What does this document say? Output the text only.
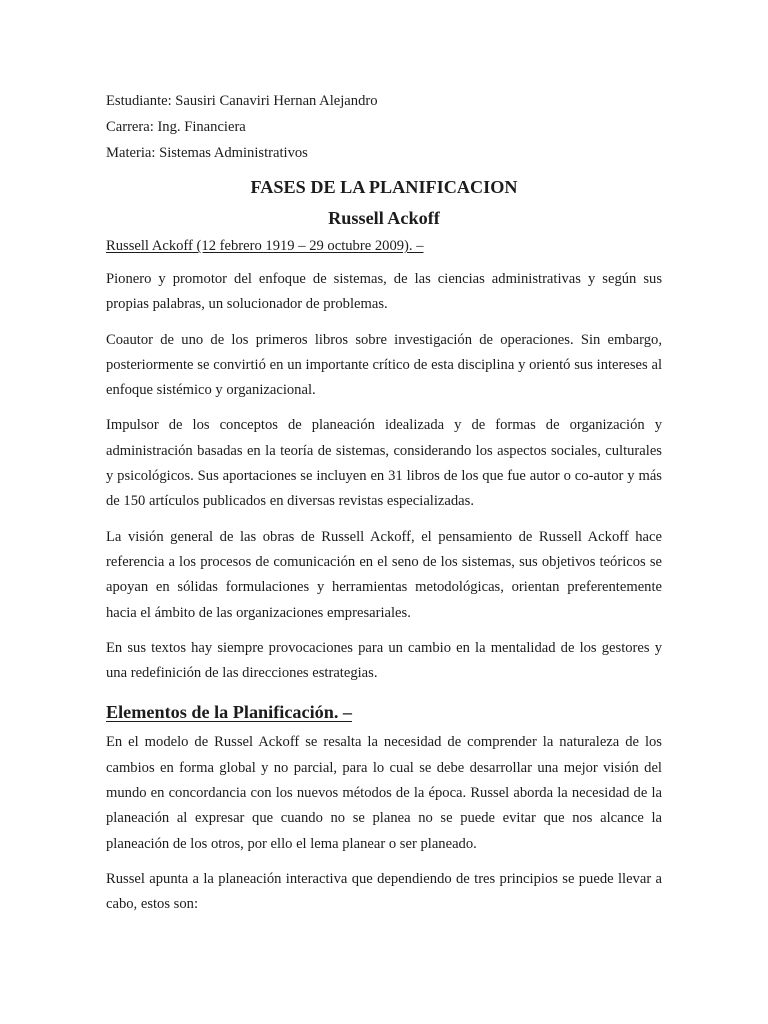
Estudiante: Sausiri Canaviri Hernan Alejandro

Carrera: Ing. Financiera

Materia: Sistemas Administrativos

FASES DE LA PLANIFICACION
Russell Ackoff

Russell Ackoff (12 febrero 1919 – 29 octubre 2009). –

Pionero y promotor del enfoque de sistemas, de las ciencias administrativas y según sus propias palabras, un solucionador de problemas.

Coautor de uno de los primeros libros sobre investigación de operaciones. Sin embargo, posteriormente se convirtió en un importante crítico de esta disciplina y orientó sus intereses al enfoque sistémico y organizacional.

Impulsor de los conceptos de planeación idealizada y de formas de organización y administración basadas en la teoría de sistemas, considerando los aspectos sociales, culturales y psicológicos. Sus aportaciones se incluyen en 31 libros de los que fue autor o co-autor y más de 150 artículos publicados en diversas revistas especializadas.

La visión general de las obras de Russell Ackoff, el pensamiento de Russell Ackoff hace referencia a los procesos de comunicación en el seno de los sistemas, sus objetivos teóricos se apoyan en sólidas formulaciones y herramientas metodológicas, orientan preferentemente hacia el ámbito de las organizaciones empresariales.

En sus textos hay siempre provocaciones para un cambio en la mentalidad de los gestores y una redefinición de las direcciones estrategias.

Elementos de la Planificación. –

En el modelo de Russel Ackoff se resalta la necesidad de comprender la naturaleza de los cambios en forma global y no parcial, para lo cual se debe desarrollar una mejor visión del mundo en concordancia con los nuevos métodos de la época. Russel aborda la necesidad de la planeación al expresar que cuando no se planea no se puede evitar que nos alcance la planeación de los otros, por ello el lema planear o ser planeado.

Russel apunta a la planeación interactiva que dependiendo de tres principios se puede llevar a cabo, estos son:
